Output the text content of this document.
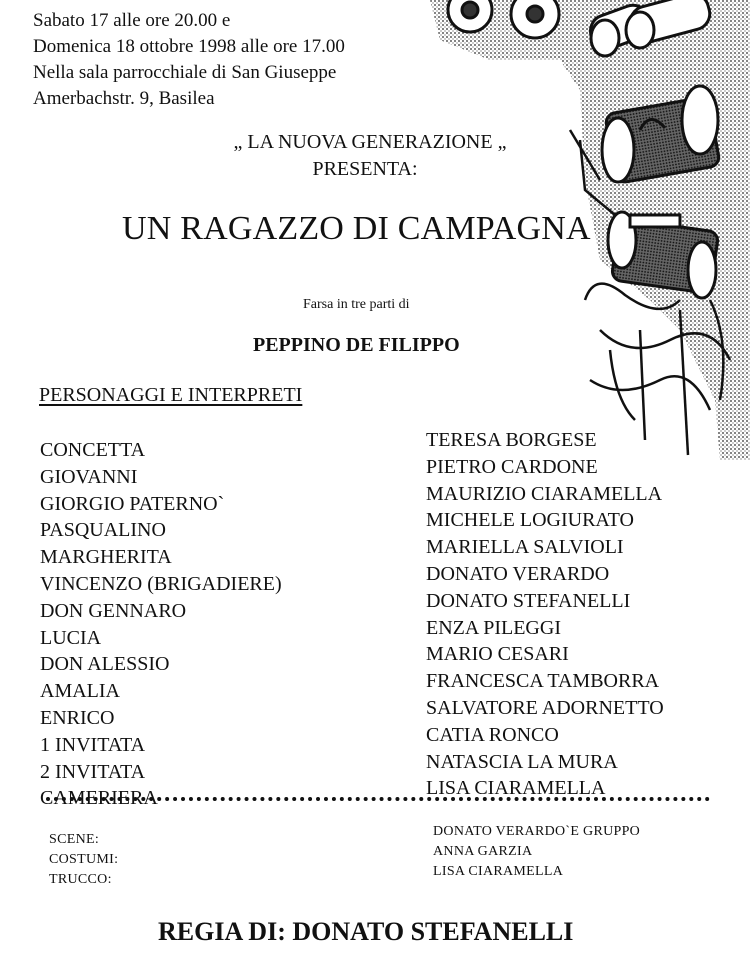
Sabato 17 alle ore 20.00 e
Domenica 18 ottobre 1998 alle ore 17.00
Nella sala parrocchiale di San Giuseppe
Amerbachstr. 9, Basilea
„ LA NUOVA GENERAZIONE „
PRESENTA:
UN RAGAZZO DI CAMPAGNA
Farsa in tre parti di
PEPPINO DE FILIPPO
PERSONAGGI E INTERPRETI
CONCETTA
GIOVANNI
GIORGIO PATERNO`
PASQUALINO
MARGHERITA
VINCENZO (BRIGADIERE)
DON GENNARO
LUCIA
DON ALESSIO
AMALIA
ENRICO
1 INVITATA
2 INVITATA
CAMERIERA
TERESA BORGESE
PIETRO CARDONE
MAURIZIO CIARAMELLA
MICHELE LOGIURATO
MARIELLA SALVIOLI
DONATO VERARDO
DONATO STEFANELLI
ENZA PILEGGI
MARIO CESARI
FRANCESCA TAMBORRA
SALVATORE ADORNETTO
CATIA RONCO
NATASCIA LA MURA
LISA CIARAMELLA
SCENE:
COSTUMI:
TRUCCO:
DONATO VERARDO`E GRUPPO
ANNA GARZIA
LISA CIARAMELLA
REGIA DI: DONATO STEFANELLI
